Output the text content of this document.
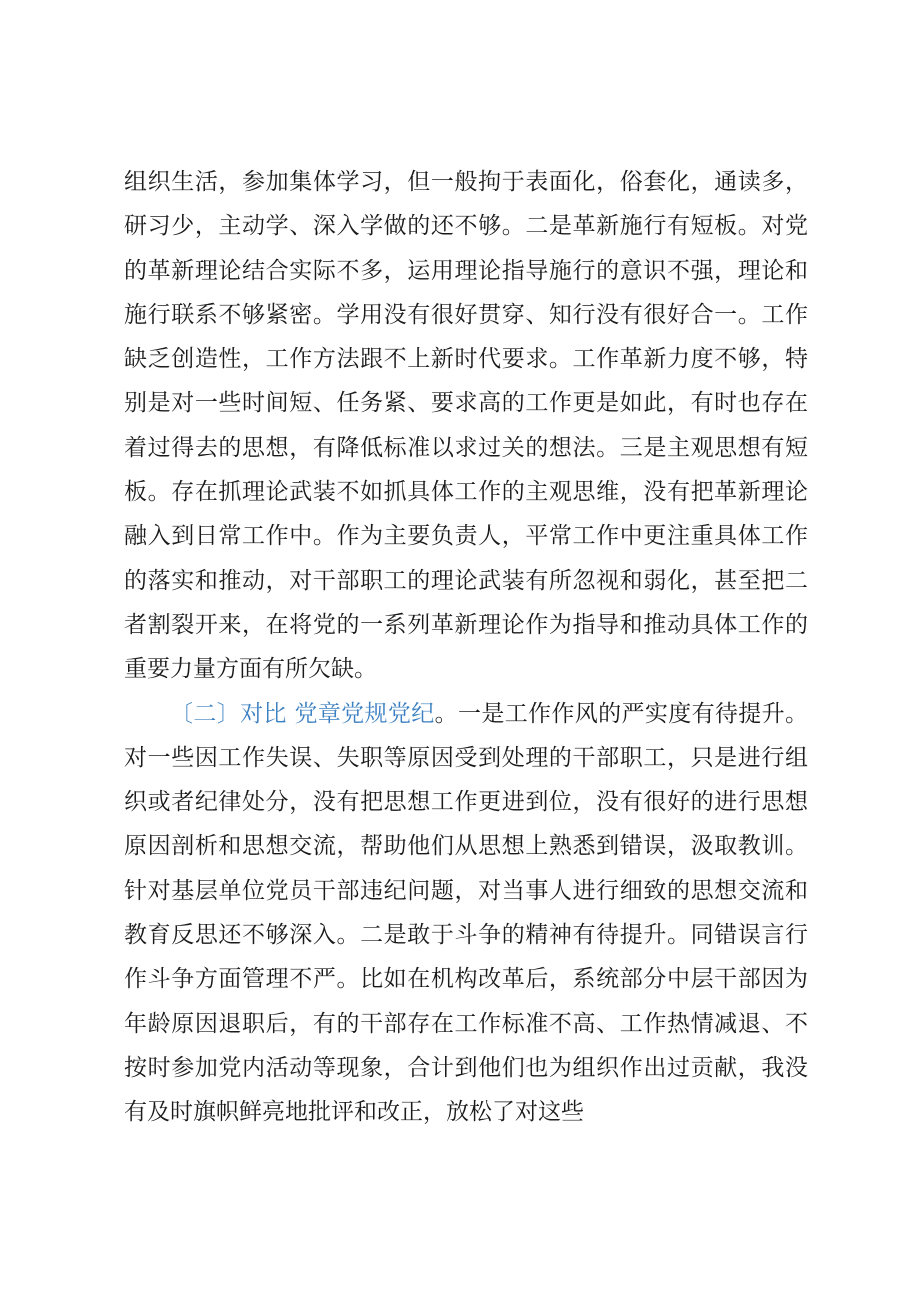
组织生活，参加集体学习，但一般拘于表面化，俗套化，通读多，研习少，主动学、深入学做的还不够。二是革新施行有短板。对党的革新理论结合实际不多，运用理论指导施行的意识不强，理论和施行联系不够紧密。学用没有很好贯穿、知行没有很好合一。工作缺乏创造性，工作方法跟不上新时代要求。工作革新力度不够，特别是对一些时间短、任务紧、要求高的工作更是如此，有时也存在着过得去的思想，有降低标准以求过关的想法。三是主观思想有短板。存在抓理论武装不如抓具体工作的主观思维，没有把革新理论融入到日常工作中。作为主要负责人，平常工作中更注重具体工作的落实和推动，对干部职工的理论武装有所忽视和弱化，甚至把二者割裂开来，在将党的一系列革新理论作为指导和推动具体工作的重要力量方面有所欠缺。

〔二〕对比 党章党规党纪。一是工作作风的严实度有待提升。对一些因工作失误、失职等原因受到处理的干部职工，只是进行组织或者纪律处分，没有把思想工作更进到位，没有很好的进行思想原因剖析和思想交流，帮助他们从思想上熟悉到错误，汲取教训。针对基层单位党员干部违纪问题，对当事人进行细致的思想交流和教育反思还不够深入。二是敢于斗争的精神有待提升。同错误言行作斗争方面管理不严。比如在机构改革后，系统部分中层干部因为年龄原因退职后，有的干部存在工作标准不高、工作热情减退、不按时参加党内活动等现象，合计到他们也为组织作出过贡献，我没有及时旗帜鲜亮地批评和改正，放松了对这些
